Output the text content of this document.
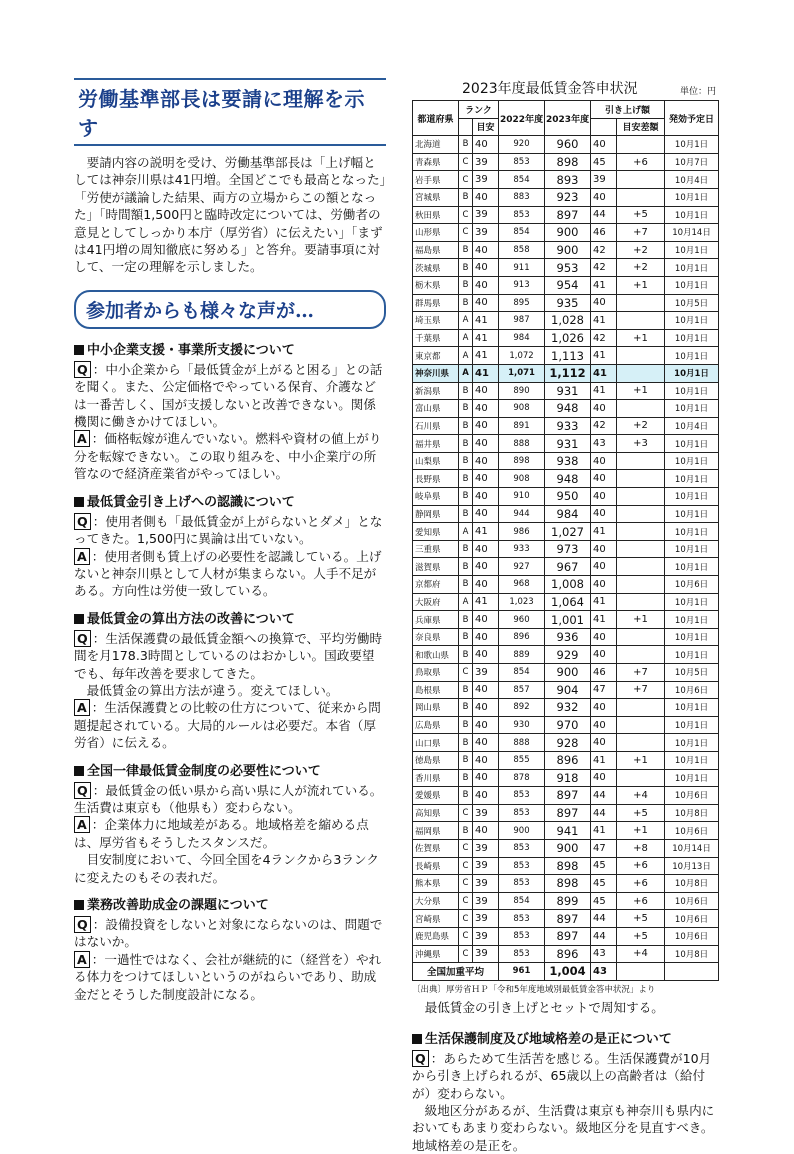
労働基準部長は要請に理解を示す

要請内容の説明を受け、労働基準部長は「上げ幅としては神奈川県は41円増。全国どこでも最高となった」「労使が議論した結果、両方の立場からこの額となった」「時間額1,500円と臨時改定については、労働者の意見としてしっかり本庁（厚労省）に伝えたい」「まずは41円増の周知徹底に努める」と答弁。要請事項に対して、一定の理解を示しました。

参加者からも様々な声が…
中小企業支援・事業所支援について

Q ：中小企業から「最低賃金が上がると困る」との話を聞く。また、公定価格でやっている保育、介護などは一番苦しく、国が支援しないと改善できない。関係機関に働きかけてほしい。

A ：価格転嫁が進んでいない。燃料や資材の値上がり分を転嫁できない。この取り組みを、中小企業庁の所管なので経済産業省がやってほしい。

最低賃金引き上げへの認識について

Q ：使用者側も「最低賃金が上がらないとダメ」となってきた。1,500円に異論は出ていない。

A ：使用者側も賃上げの必要性を認識している。上げないと神奈川県として人材が集まらない。人手不足がある。方向性は労使一致している。

最低賃金の算出方法の改善について

Q ：生活保護費の最低賃金額への換算で、平均労働時間を月178.3時間としているのはおかしい。国政要望でも、毎年改善を要求してきた。

最低賃金の算出方法が違う。変えてほしい。

A ：生活保護費との比較の仕方について、従来から問題提起されている。大局的ルールは必要だ。本省（厚労省）に伝える。

全国一律最低賃金制度の必要性について

Q ：最低賃金の低い県から高い県に人が流れている。生活費は東京も（他県も）変わらない。

A ：企業体力に地域差がある。地域格差を縮める点は、厚労省もそうしたスタンスだ。

目安制度において、今回全国を4ランクから3ランクに変えたのもその表れだ。

業務改善助成金の課題について

Q ：設備投資をしないと対象にならないのは、問題ではないか。

A ：一過性ではなく、会社が継続的に（経営を）やれる体力をつけてほしいというのがねらいであり、助成金だとそうした制度設計になる。

2023年度最低賃金答申状況	単位：円
都道府県	ランク		2022年度	2023年度	引き上げ額		発効予定日
		目安				目安差額	
北海道	B	40	920	960	40		10月1日
青森県	C	39	853	898	45	+6	10月7日
岩手県	C	39	854	893	39		10月4日
宮城県	B	40	883	923	40		10月1日
秋田県	C	39	853	897	44	+5	10月1日
山形県	C	39	854	900	46	+7	10月14日
福島県	B	40	858	900	42	+2	10月1日
茨城県	B	40	911	953	42	+2	10月1日
栃木県	B	40	913	954	41	+1	10月1日
群馬県	B	40	895	935	40		10月5日
埼玉県	A	41	987	1,028	41		10月1日
千葉県	A	41	984	1,026	42	+1	10月1日
東京都	A	41	1,072	1,113	41		10月1日
神奈川県	A	41	1,071	1,112	41		10月1日
新潟県	B	40	890	931	41	+1	10月1日
富山県	B	40	908	948	40		10月1日
石川県	B	40	891	933	42	+2	10月4日
福井県	B	40	888	931	43	+3	10月1日
山梨県	B	40	898	938	40		10月1日
長野県	B	40	908	948	40		10月1日
岐阜県	B	40	910	950	40		10月1日
静岡県	B	40	944	984	40		10月1日
愛知県	A	41	986	1,027	41		10月1日
三重県	B	40	933	973	40		10月1日
滋賀県	B	40	927	967	40		10月1日
京都府	B	40	968	1,008	40		10月6日
大阪府	A	41	1,023	1,064	41		10月1日
兵庫県	B	40	960	1,001	41	+1	10月1日
奈良県	B	40	896	936	40		10月1日
和歌山県	B	40	889	929	40		10月1日
鳥取県	C	39	854	900	46	+7	10月5日
島根県	B	40	857	904	47	+7	10月6日
岡山県	B	40	892	932	40		10月1日
広島県	B	40	930	970	40		10月1日
山口県	B	40	888	928	40		10月1日
徳島県	B	40	855	896	41	+1	10月1日
香川県	B	40	878	918	40		10月1日
愛媛県	B	40	853	897	44	+4	10月6日
高知県	C	39	853	897	44	+5	10月8日
福岡県	B	40	900	941	41	+1	10月6日
佐賀県	C	39	853	900	47	+8	10月14日
長崎県	C	39	853	898	45	+6	10月13日
熊本県	C	39	853	898	45	+6	10月8日
大分県	C	39	854	899	45	+6	10月6日
宮崎県	C	39	853	897	44	+5	10月6日
鹿児島県	C	39	853	897	44	+5	10月6日
沖縄県	C	39	853	896	43	+4	10月8日
全国加重平均			961	1,004	43		
〔出典〕厚労省ＨＰ「令和5年度地域別最低賃金答申状況」より

最低賃金の引き上げとセットで周知する。

生活保護制度及び地域格差の是正について

Q ：あらためて生活苦を感じる。生活保護費が10月から引き上げられるが、65歳以上の高齢者は（給付が）変わらない。

級地区分があるが、生活費は東京も神奈川も県内においてもあまり変わらない。級地区分を見直すべき。地域格差の是正を。
